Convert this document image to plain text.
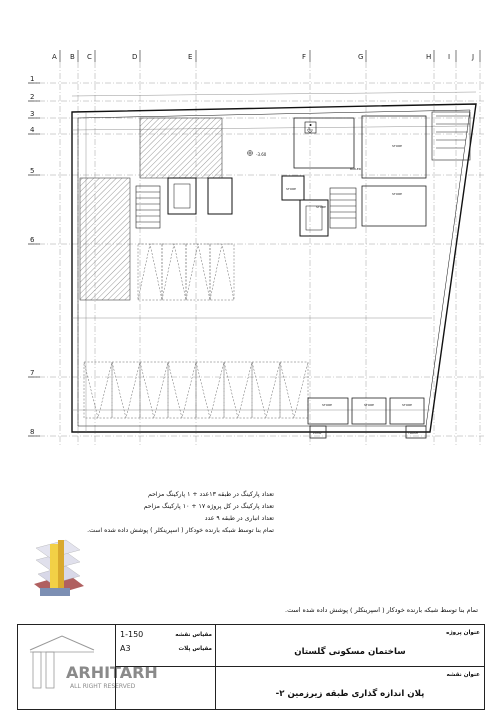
A B C	D	E	F	G	H I	J
1
2
3
4
5
6
7
8
-3.60
STORE
STORE
STORE
STORE	STORE	STORE
STORE
BOILER
PUMP	TRASH
ARHITARH
ALL RIGHT RESERVED
تعداد پارکینگ در طبقه ۱۳عدد + ۱ پارکینگ مزاحم
تعداد پارکینگ در کل پروژه ۱۷ + ۱۰ پارکینگ مزاحم
تعداد انباری در طبقه ۹ عدد
تمام بنا توسط شبکه بارنده خودکار ( اسپرینکلر ) پوشش داده شده است.
تمام بنا توسط شبکه بارنده خودکار ( اسپرینکلر ) پوشش داده شده است.
1-150
A3
مقیاس نقشه
مقیاس پلات
عنوان پروژه
ساختمان مسکونی گلستان
عنوان نقشه
پلان اندازه گذاری طبقه زیرزمین ۲-
